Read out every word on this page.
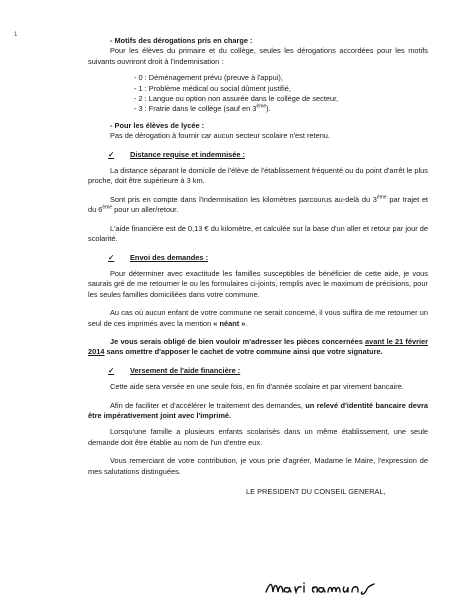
1
- Motifs des dérogations pris en charge :

Pour les élèves du primaire et du collège, seules les dérogations accordées pour les motifs suivants ouvriront droit à l'indemnisation :

- 0 : Déménagement prévu (preuve à l'appui),
- 1 : Problème médical ou social dûment justifié,
- 2 : Langue ou option non assurée dans le collège de secteur,
- 3 : Fratrie dans le collège (sauf en 3ème).
- Pour les élèves de lycée :

Pas de dérogation à fournir car aucun secteur scolaire n'est retenu.

✓	Distance requise et indemnisée :

La distance séparant le domicile de l'élève de l'établissement fréquenté ou du point d'arrêt le plus proche, doit être supérieure à 3 km.

Sont pris en compte dans l'indemnisation les kilomètres parcourus au-delà du 3ème par trajet et du 6ème pour un aller/retour.

L'aide financière est de 0,13 € du kilomètre, et calculée sur la base d'un aller et retour par jour de scolarité.

✓	Envoi des demandes :

Pour déterminer avec exactitude les familles susceptibles de bénéficier de cette aide, je vous saurais gré de me retourner le ou les formulaires ci-joints, remplis avec le maximum de précisions, pour les seules familles domiciliées dans votre commune.

Au cas où aucun enfant de votre commune ne serait concerné, il vous suffira de me retourner un seul de ces imprimés avec la mention « néant ».

Je vous serais obligé de bien vouloir m'adresser les pièces concernées avant le 21 février 2014 sans omettre d'apposer le cachet de votre commune ainsi que votre signature.

✓	Versement de l'aide financière :

Cette aide sera versée en une seule fois, en fin d'année scolaire et par virement bancaire.

Afin de faciliter et d'accélérer le traitement des demandes, un relevé d'identité bancaire devra être impérativement joint avec l'imprimé.

Lorsqu'une famille a plusieurs enfants scolarisés dans un même établissement, une seule demande doit être établie au nom de l'un d'entre eux.

Vous remerciant de votre contribution, je vous prie d'agréer, Madame le Maire, l'expression de mes salutations distinguées.

LE PRESIDENT DU CONSEIL GENERAL,
